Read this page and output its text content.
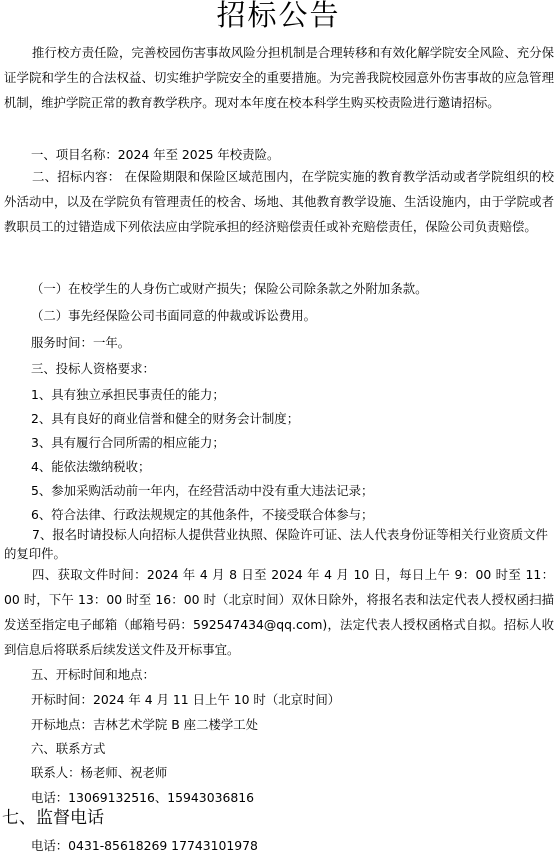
招标公告
推行校方责任险，完善校园伤害事故风险分担机制是合理转移和有效化解学院安全风险、充分保证学院和学生的合法权益、切实维护学院安全的重要措施。为完善我院校园意外伤害事故的应急管理机制，维护学院正常的教育教学秩序。现对本年度在校本科学生购买校责险进行邀请招标。
一、项目名称：2024 年至 2025 年校责险。
二、招标内容： 在保险期限和保险区域范围内，在学院实施的教育教学活动或者学院组织的校外活动中，以及在学院负有管理责任的校舍、场地、其他教育教学设施、生活设施内，由于学院或者教职员工的过错造成下列依法应由学院承担的经济赔偿责任或补充赔偿责任，保险公司负责赔偿。
（一）在校学生的人身伤亡或财产损失；保险公司除条款之外附加条款。
（二）事先经保险公司书面同意的仲裁或诉讼费用。
服务时间：一年。
三、投标人资格要求：
1、具有独立承担民事责任的能力；
2、具有良好的商业信誉和健全的财务会计制度；
3、具有履行合同所需的相应能力；
4、能依法缴纳税收；
5、参加采购活动前一年内，在经营活动中没有重大违法记录；
6、符合法律、行政法规规定的其他条件，不接受联合体参与；
7、报名时请投标人向招标人提供营业执照、保险许可证、法人代表身份证等相关行业资质文件的复印件。
四、获取文件时间：2024 年 4 月 8 日至 2024 年 4 月 10 日，每日上午 9：00 时至 11：00 时，下午 13：00 时至 16：00 时（北京时间）双休日除外，将报名表和法定代表人授权函扫描发送至指定电子邮箱（邮箱号码：592547434@qq.com)，法定代表人授权函格式自拟。招标人收到信息后将联系后续发送文件及开标事宜。
五、开标时间和地点：
开标时间：2024 年 4 月 11 日上午 10 时（北京时间）
开标地点：吉林艺术学院 B 座二楼学工处
六、联系方式
联系人：杨老师、祝老师
电话：13069132516、15943036816
七、监督电话
电话：0431-85618269 17743101978
